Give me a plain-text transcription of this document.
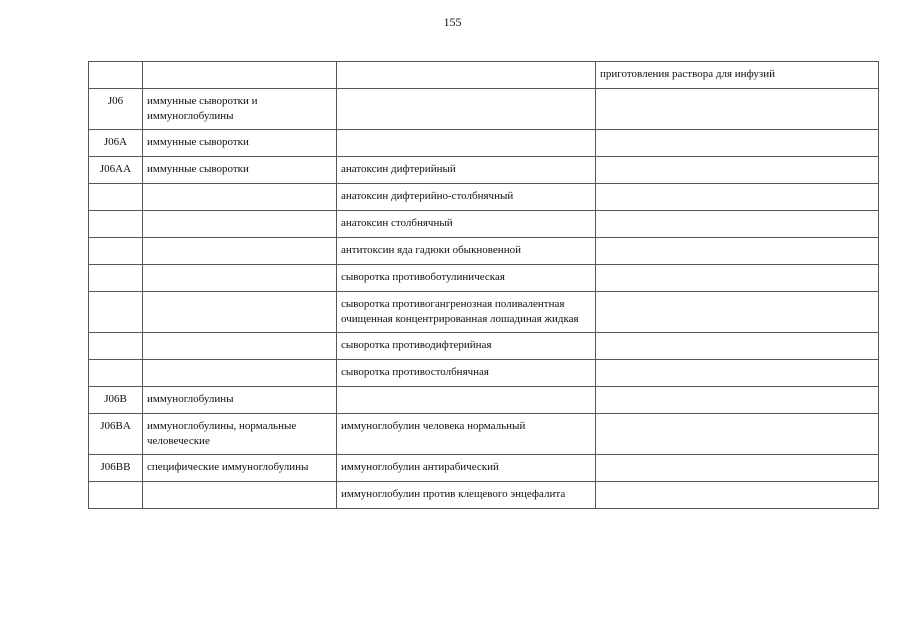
155
			приготовления раствора для инфузий
J06	иммунные сыворотки и иммуноглобулины		
J06A	иммунные сыворотки		
J06AA	иммунные сыворотки	анатоксин дифтерийный	
		анатоксин дифтерийно-столбнячный	
		анатоксин столбнячный	
		антитоксин яда гадюки обыкновенной	
		сыворотка противоботулиническая	
		сыворотка противогангренозная поливалентная очищенная концентрированная лошадиная жидкая	
		сыворотка противодифтерийная	
		сыворотка противостолбнячная	
J06B	иммуноглобулины		
J06BA	иммуноглобулины, нормальные человеческие	иммуноглобулин человека нормальный	
J06BB	специфические иммуноглобулины	иммуноглобулин антирабический	
		иммуноглобулин против клещевого энцефалита	
